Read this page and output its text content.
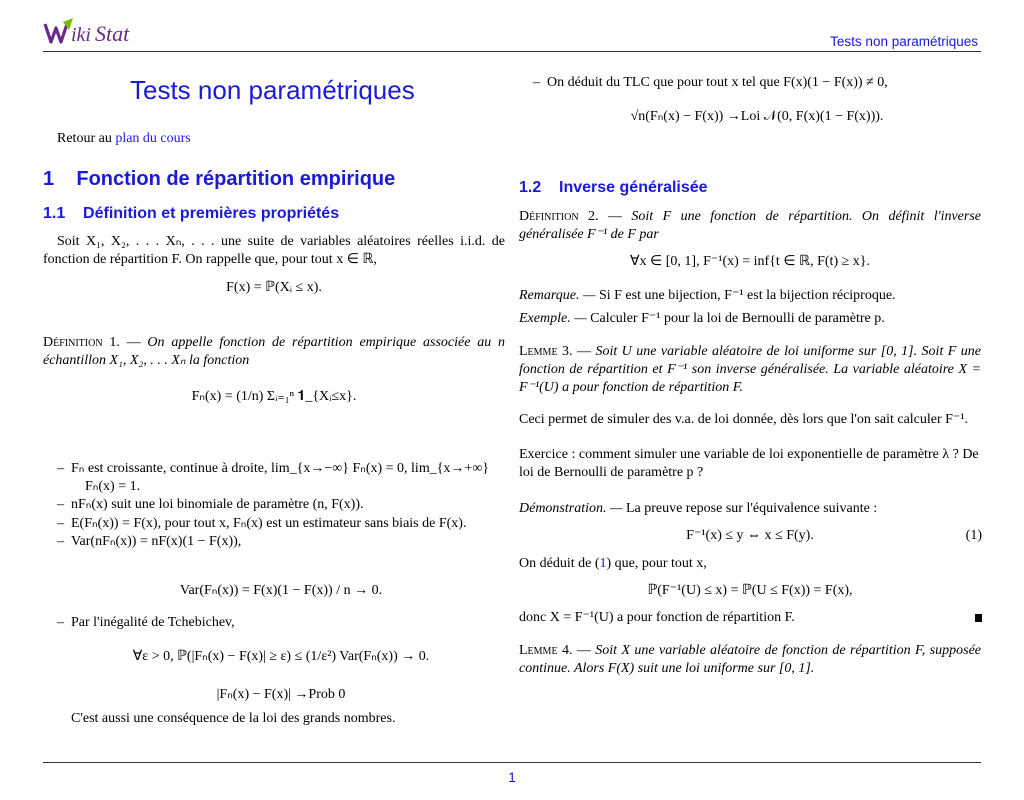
iki Stat	Tests non paramétriques
Tests non paramétriques
Retour au plan du cours
1 Fonction de répartition empirique
1.1 Définition et premières propriétés
Soit X₁, X₂, . . . Xₙ, . . . une suite de variables aléatoires réelles i.i.d. de fonction de répartition F. On rappelle que, pour tout x ∈ ℝ,
F(x) = ℙ(Xᵢ ≤ x).
Définition 1. — On appelle fonction de répartition empirique associée au n échantillon X₁, X₂, . . . Xₙ la fonction
Fₙ(x) = (1/n) Σᵢ₌₁ⁿ 𝟏_{Xᵢ≤x}.
–  Fₙ est croissante, continue à droite, lim_{x→−∞} Fₙ(x) = 0, lim_{x→+∞} Fₙ(x) = 1.
–  nFₙ(x) suit une loi binomiale de paramètre (n, F(x)).
–  E(Fₙ(x)) = F(x), pour tout x, Fₙ(x) est un estimateur sans biais de F(x).
–  Var(nFₙ(x)) = nF(x)(1 − F(x)),
Var(Fₙ(x)) = F(x)(1 − F(x)) / n → 0.
–  Par l'inégalité de Tchebichev,
∀ε > 0, ℙ(|Fₙ(x) − F(x)| ≥ ε) ≤ (1/ε²) Var(Fₙ(x)) → 0.
|Fₙ(x) − F(x)| →Prob 0
C'est aussi une conséquence de la loi des grands nombres.
–  On déduit du TLC que pour tout x tel que F(x)(1 − F(x)) ≠ 0,
√n(Fₙ(x) − F(x)) →Loi 𝒩(0, F(x)(1 − F(x))).
1.2 Inverse généralisée
Définition 2. — Soit F une fonction de répartition. On définit l'inverse généralisée F⁻¹ de F par
∀x ∈ [0, 1], F⁻¹(x) = inf{t ∈ ℝ, F(t) ≥ x}.
Remarque. — Si F est une bijection, F⁻¹ est la bijection réciproque.
Exemple. — Calculer F⁻¹ pour la loi de Bernoulli de paramètre p.
Lemme 3. — Soit U une variable aléatoire de loi uniforme sur [0, 1]. Soit F une fonction de répartition et F⁻¹ son inverse généralisée. La variable aléatoire X = F⁻¹(U) a pour fonction de répartition F.
Ceci permet de simuler des v.a. de loi donnée, dès lors que l'on sait calculer F⁻¹.
Exercice : comment simuler une variable de loi exponentielle de paramètre λ ? De loi de Bernoulli de paramètre p ?
Démonstration. — La preuve repose sur l'équivalence suivante :
F⁻¹(x) ≤ y ⇔ x ≤ F(y).	(1)
On déduit de (1) que, pour tout x,
ℙ(F⁻¹(U) ≤ x) = ℙ(U ≤ F(x)) = F(x),
donc X = F⁻¹(U) a pour fonction de répartition F.
Lemme 4. — Soit X une variable aléatoire de fonction de répartition F, supposée continue. Alors F(X) suit une loi uniforme sur [0, 1].
1
